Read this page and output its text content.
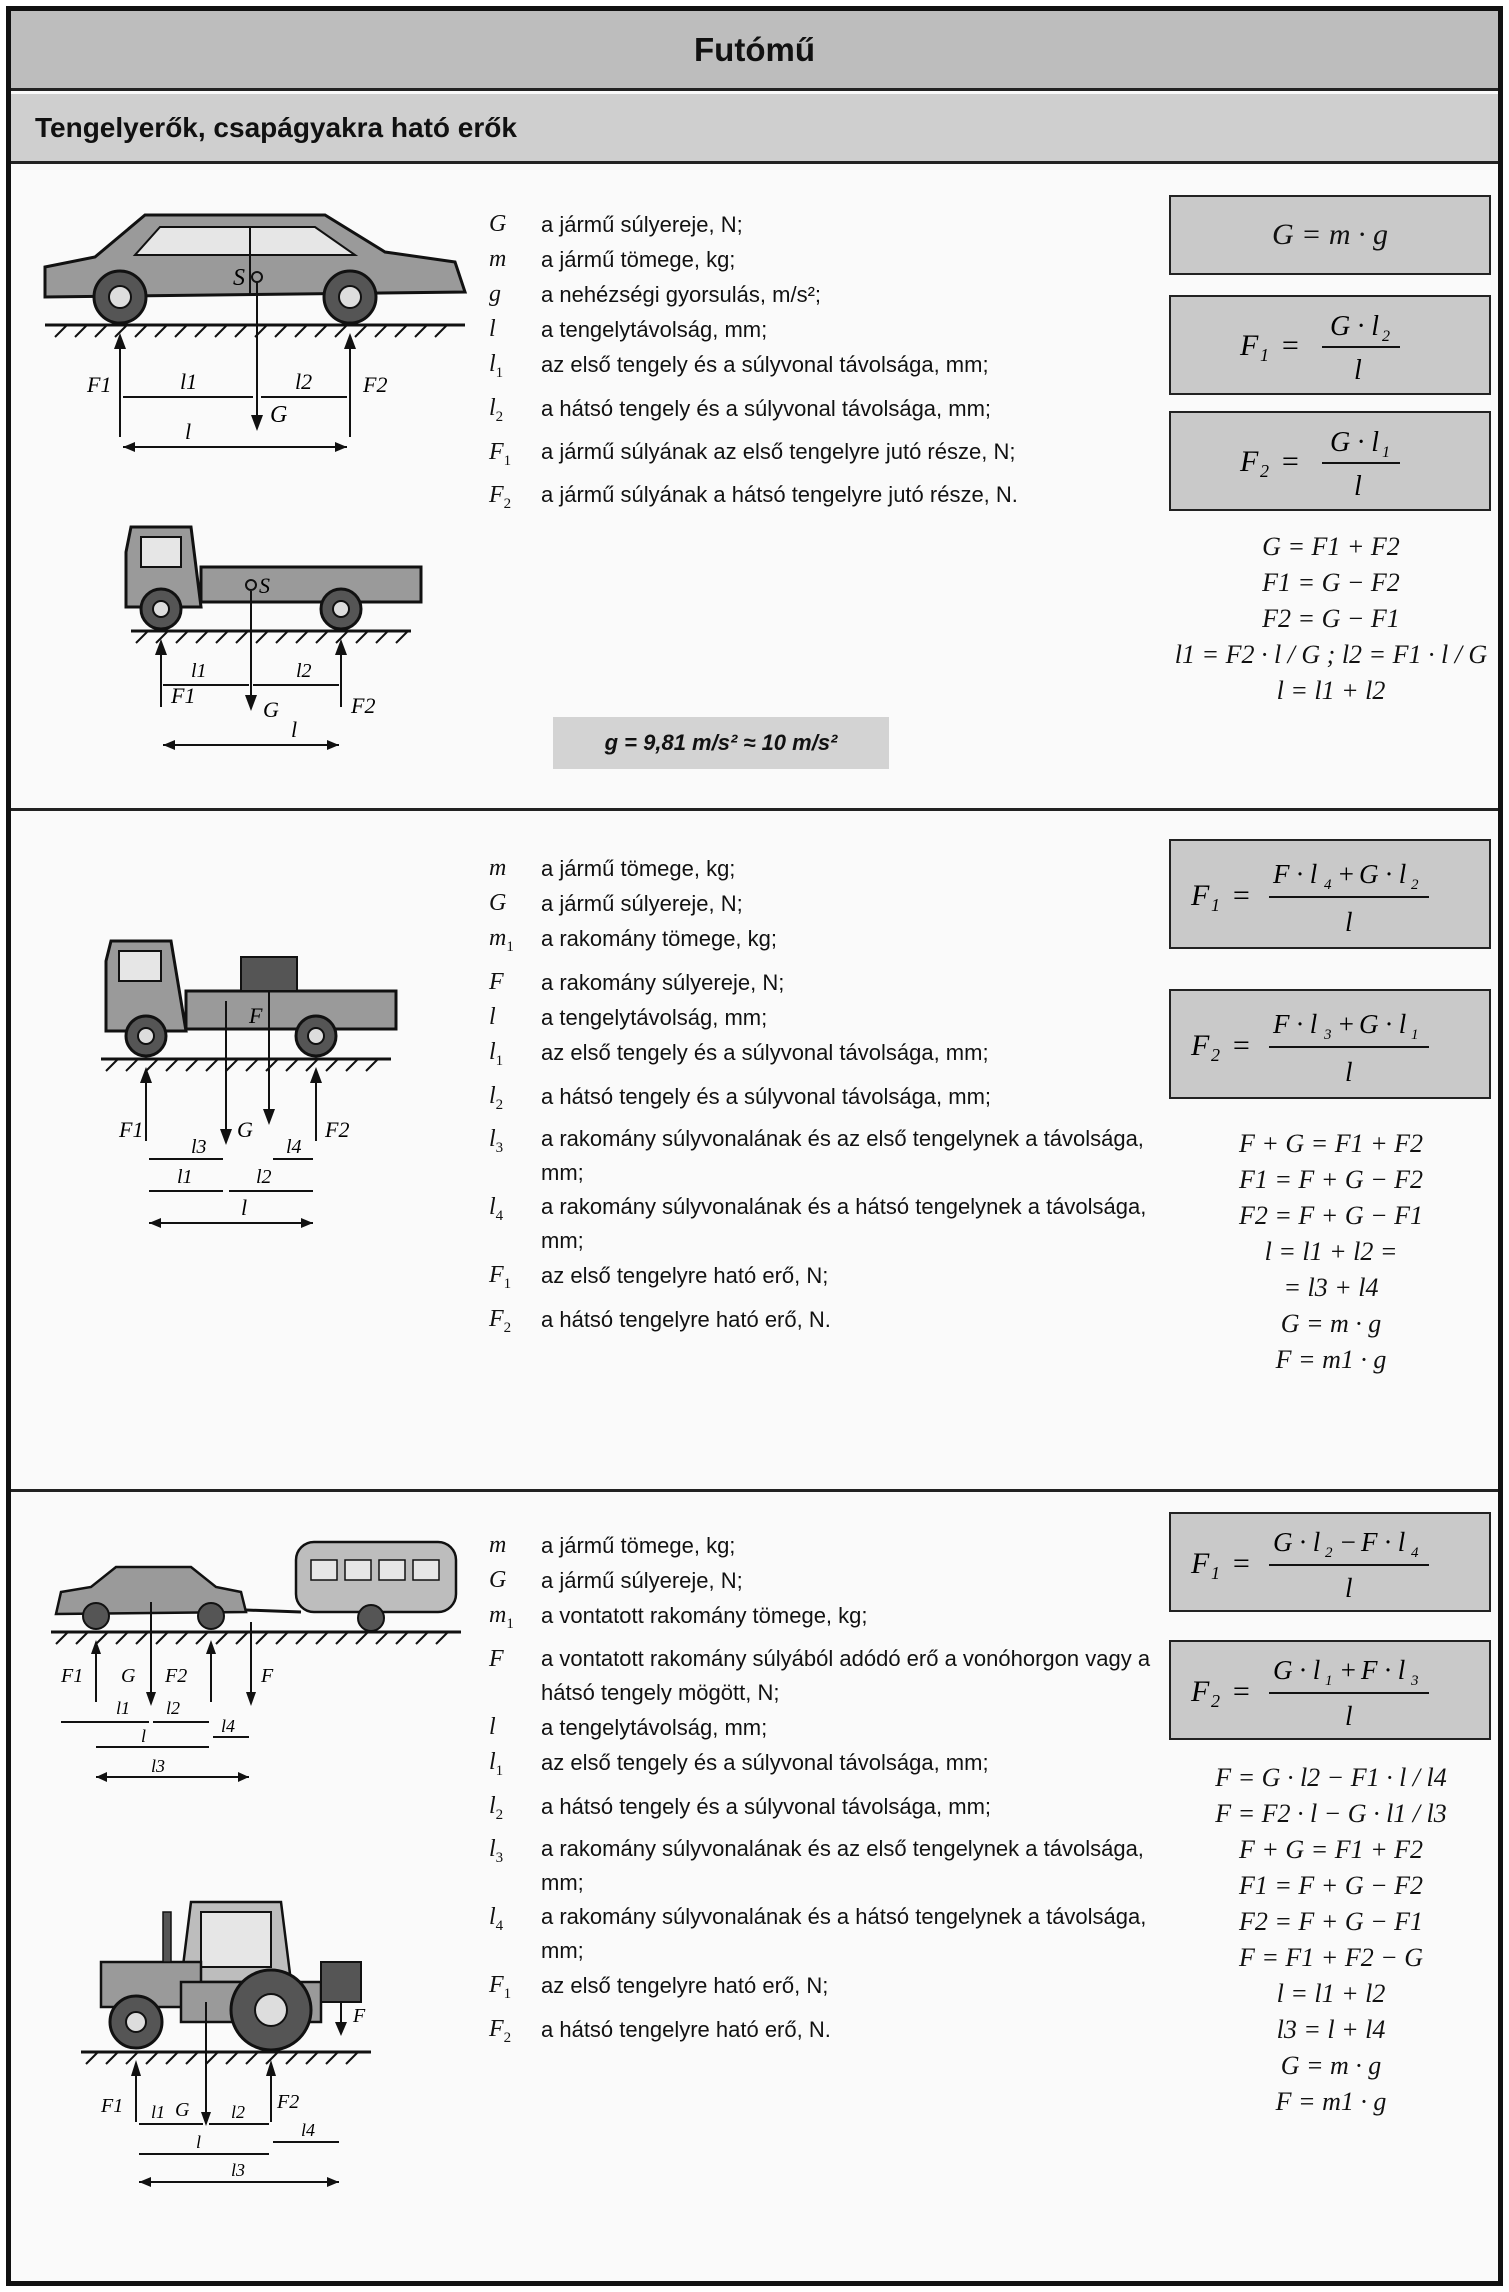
Futómű
Tengelyerők, csapágyakra ható erők
S
G
F1	F2
l1	l2
l
S
G
F1	F2
l1	l2
l
G	a jármű súlyereje, N;
m	a jármű tömege, kg;
g	a nehézségi gyorsulás, m/s²;
l	a tengelytávolság, mm;
$l_1$	az első tengely és a súlyvonal távolsága, mm;
$l_2$	a hátsó tengely és a súlyvonal távolsága, mm;
$F_1$	a jármű súlyának az első tengelyre jutó része, N;
$F_2$	a jármű súlyának a hátsó tengelyre jutó része, N.
g = 9,81 m/s² ≈ 10 m/s²
G = m · g
F 1 =
G · l 2
l
F 2 =
G · l 1
l
G = F1 + F2
F1 = G − F2
F2 = G − F1
l1 = F2 · l / G ; l2 = F1 · l / G
l = l1 + l2
F
G
F1	F2
l3	l4
l1	l2
l
m	a jármű tömege, kg;
G	a jármű súlyereje, N;
$m_1$	a rakomány tömege, kg;
F	a rakomány súlyereje, N;
l	a tengelytávolság, mm;
$l_1$	az első tengely és a súlyvonal távolsága, mm;
$l_2$	a hátsó tengely és a súlyvonal távolsága, mm;
$l_3$	a rakomány súlyvonalának és az első tengelynek a távolsága, mm;
$l_4$	a rakomány súlyvonalának és a hátsó tengelynek a távolsága, mm;
$F_1$	az első tengelyre ható erő, N;
$F_2$	a hátsó tengelyre ható erő, N.
F 1 =
F · l 4 + G · l 2
l
F 2 =
F · l 3 + G · l 1
l
F + G = F1 + F2
F1 = F + G − F2
F2 = F + G − F1
l = l1 + l2 =
= l3 + l4
G = m · g
F = m1 · g
F1 G F2	F
l1 l2
l4
l
l3
F
F1	G	F2
l1	l2
l4
l
l3
m	a jármű tömege, kg;
G	a jármű súlyereje, N;
$m_1$	a vontatott rakomány tömege, kg;
F	a vontatott rakomány súlyából adódó erő a vonóhorgon vagy a hátsó tengely mögött, N;
l	a tengelytávolság, mm;
$l_1$	az első tengely és a súlyvonal távolsága, mm;
$l_2$	a hátsó tengely és a súlyvonal távolsága, mm;
$l_3$	a rakomány súlyvonalának és az első tengelynek a távolsága, mm;
$l_4$	a rakomány súlyvonalának és a hátsó tengelynek a távolsága, mm;
$F_1$	az első tengelyre ható erő, N;
$F_2$	a hátsó tengelyre ható erő, N.
F 1 =
G · l 2 − F · l 4
l
F 2 =
G · l 1 + F · l 3
l
F = G · l2 − F1 · l / l4
F = F2 · l − G · l1 / l3
F + G = F1 + F2
F1 = F + G − F2
F2 = F + G − F1
F = F1 + F2 − G
l = l1 + l2
l3 = l + l4
G = m · g
F = m1 · g
